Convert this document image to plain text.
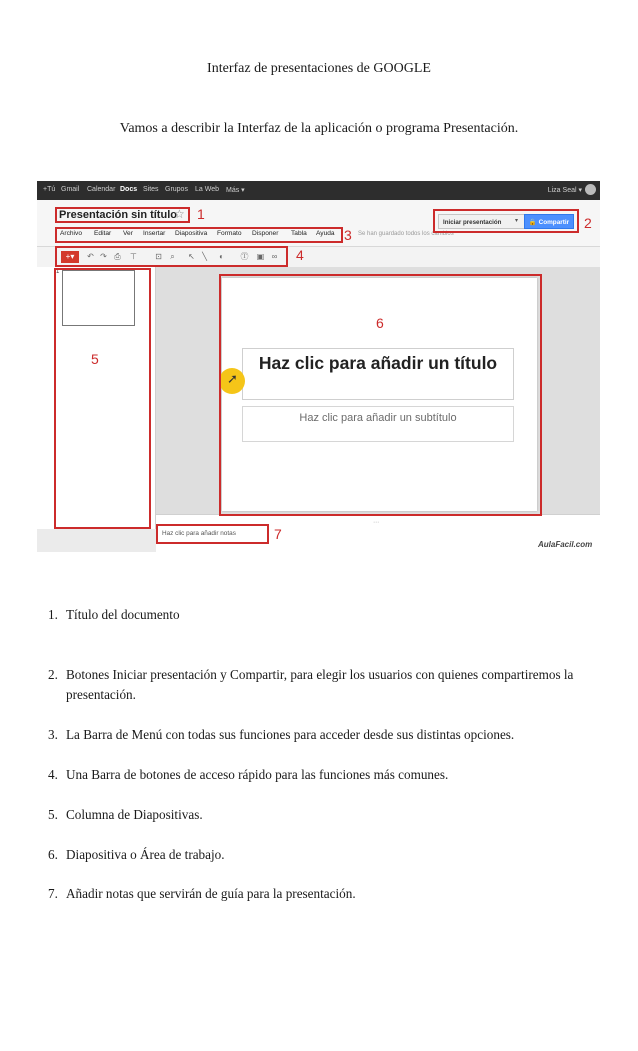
Interfaz de presentaciones de GOOGLE
Vamos a describir la Interfaz de la aplicación o programa Presentación.
+Tú Gmail Calendar Docs Sites Grupos La Web Más ▾	Liza Seal ▾
Presentación sin título
☆
Archivo Editar Ver Insertar Diapositiva Formato Disponer Tabla Ayuda	Se han guardado todos los cambios
Iniciar presentación	▾	🔒 Compartir
+▾	↶ ↷ ⎙ ⊤ ⊡ ⌕ ↖ ╲ ◐ Ⓣ ▣ ∞
1
Haz clic para añadir un título
Haz clic para añadir un subtítulo
➚
⋯
Haz clic para añadir notas
AulaFacil.com
1
2
3
4
5
6
7
1. Título del documento
2. Botones Iniciar presentación y Compartir, para elegir los usuarios con quienes compartiremos la presentación.
3. La Barra de Menú con todas sus funciones para acceder desde sus distintas opciones.
4. Una Barra de botones de acceso rápido para las funciones más comunes.
5. Columna de Diapositivas.
6. Diapositiva o Área de trabajo.
7. Añadir notas que servirán de guía para la presentación.
